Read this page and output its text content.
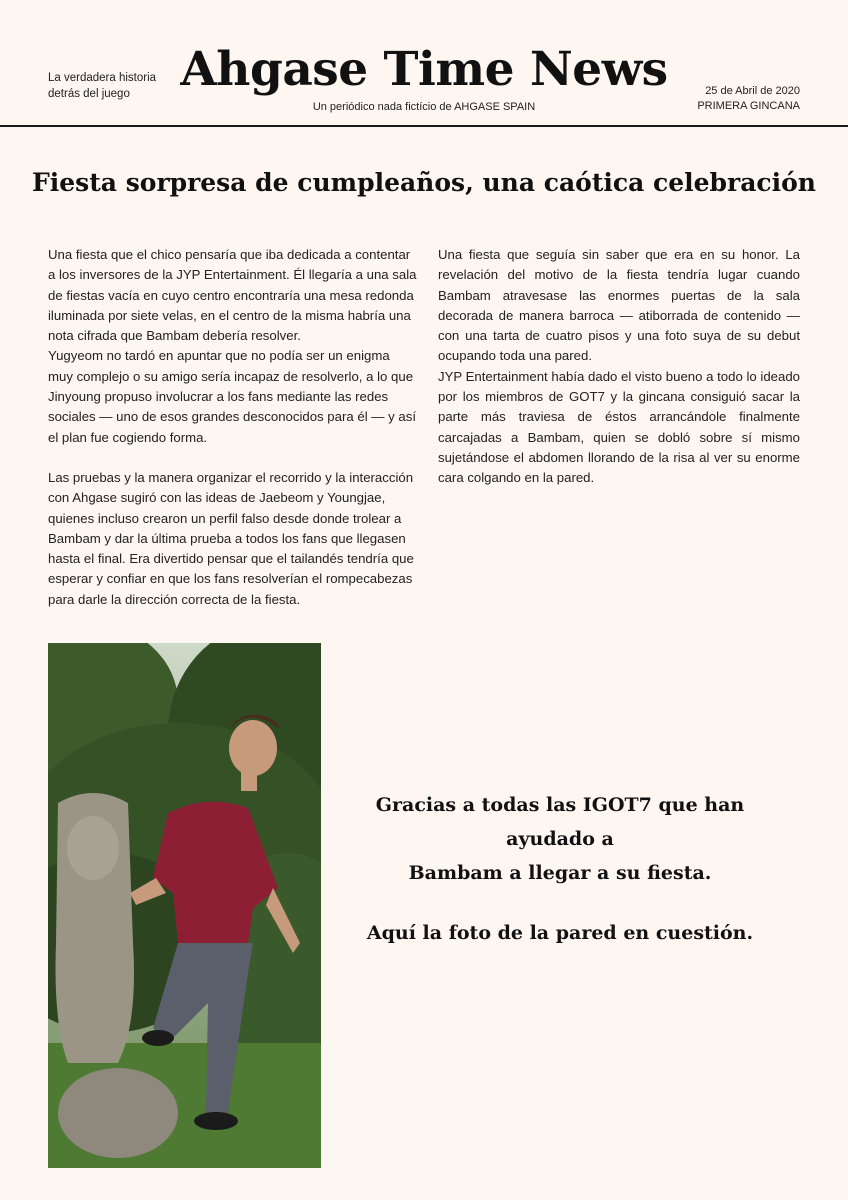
La verdadera historia
detrás del juego	Ahgase Time News
Un periódico nada fictício de AHGASE SPAIN
25 de Abril de 2020
PRIMERA GINCANA
Fiesta sorpresa de cumpleaños, una caótica celebración

Una fiesta que el chico pensaría que iba dedicada a contentar a los inversores de la JYP Entertainment. Él llegaría a una sala de fiestas vacía en cuyo centro encontraría una mesa redonda iluminada por siete velas, en el centro de la misma habría una nota cifrada que Bambam debería resolver.

Yugyeom no tardó en apuntar que no podía ser un enigma muy complejo o su amigo sería incapaz de resolverlo, a lo que Jinyoung propuso involucrar a los fans mediante las redes sociales — uno de esos grandes desconocidos para él — y así el plan fue cogiendo forma.

Las pruebas y la manera organizar el recorrido y la interacción con Ahgase sugiró con las ideas de Jaebeom y Youngjae, quienes incluso crearon un perfil falso desde donde trolear a Bambam y dar la última prueba a todos los fans que llegasen hasta el final. Era divertido pensar que el tailandés tendría que esperar y confiar en que los fans resolverían el rompecabezas para darle la dirección correcta de la fiesta.

Una fiesta que seguía sin saber que era en su honor. La revelación del motivo de la fiesta tendría lugar cuando Bambam atravesase las enormes puertas de la sala decorada de manera barroca — atiborrada de contenido — con una tarta de cuatro pisos y una foto suya de su debut ocupando toda una pared.

JYP Entertainment había dado el visto bueno a todo lo ideado por los miembros de GOT7 y la gincana consiguió sacar la parte más traviesa de éstos arrancándole finalmente carcajadas a Bambam, quien se dobló sobre sí mismo sujetándose el abdomen llorando de la risa al ver su enorme cara colgando en la pared.

Gracias a todas las IGOT7 que han ayudado a
Bambam a llegar a su fiesta.
Aquí la foto de la pared en cuestión.
